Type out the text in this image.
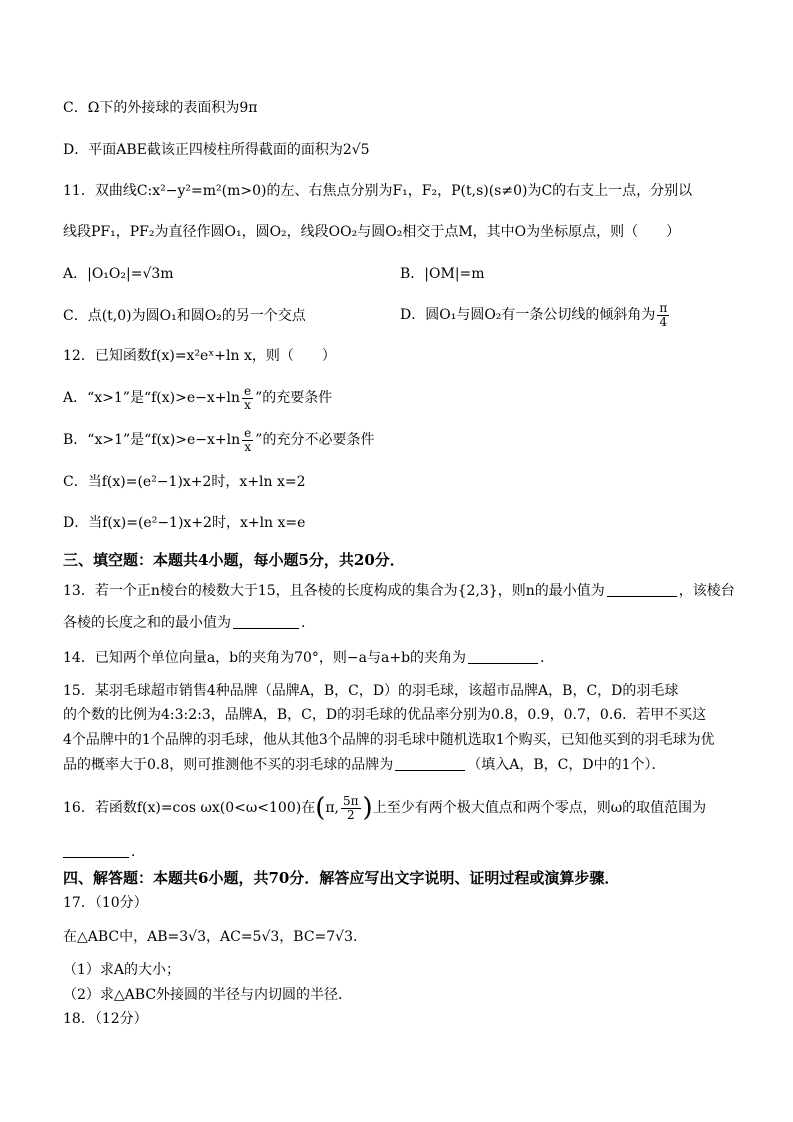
C．Ω下的外接球的表面积为9π
D．平面ABE截该正四棱柱所得截面的面积为2√5
11．双曲线C:x²−y²=m²(m>0)的左、右焦点分别为F₁，F₂，P(t,s)(s≠0)为C的右支上一点，分别以
线段PF₁，PF₂为直径作圆O₁，圆O₂，线段OO₂与圆O₂相交于点M，其中O为坐标原点，则（　　）
A．|O₁O₂|=√3m	B．|OM|=m
C．点(t,0)为圆O₁和圆O₂的另一个交点	D．圆O₁与圆O₂有一条公切线的倾斜角为 $\frac{\pi}{4}$
12．已知函数f(x)=x²eˣ+ln x，则（　　）
A．“x>1”是“$f(x)>e-x+\ln \frac{e}{x}$ ”的充要条件
B．“x>1”是“$f(x)>e-x+\ln \frac{e}{x}$ ”的充分不必要条件
C．当f(x)=(e²−1)x+2时，x+ln x=2
D．当f(x)=(e²−1)x+2时，x+ln x=e
三、填空题：本题共4小题，每小题5分，共20分．
13．若一个正n棱台的棱数大于15，且各棱的长度构成的集合为{2,3}，则n的最小值为	，该棱台
各棱的长度之和的最小值为	．
14．已知两个单位向量a，b的夹角为70°，则−a与a+b的夹角为	．
15．某羽毛球超市销售4种品牌（品牌A，B，C，D）的羽毛球，该超市品牌A，B，C，D的羽毛球
的个数的比例为4:3:2:3，品牌A，B，C，D的羽毛球的优品率分别为0.8，0.9，0.7，0.6．若甲不买这
4个品牌中的1个品牌的羽毛球，他从其他3个品牌的羽毛球中随机选取1个购买，已知他买到的羽毛球为优
品的概率大于0.8，则可推测他不买的羽毛球的品牌为	（填入A，B，C，D中的1个）．
16．若函数f(x)=cos ωx(0<ω<100)在(π, $\frac{5\pi}{2}$ )上至少有两个极大值点和两个零点，则ω的取值范围为
．
四、解答题：本题共6小题，共70分．解答应写出文字说明、证明过程或演算步骤．
17．（10分）
在△ABC中，AB=3√3，AC=5√3，BC=7√3．
（1）求A的大小；
（2）求△ABC外接圆的半径与内切圆的半径．
18．（12分）
